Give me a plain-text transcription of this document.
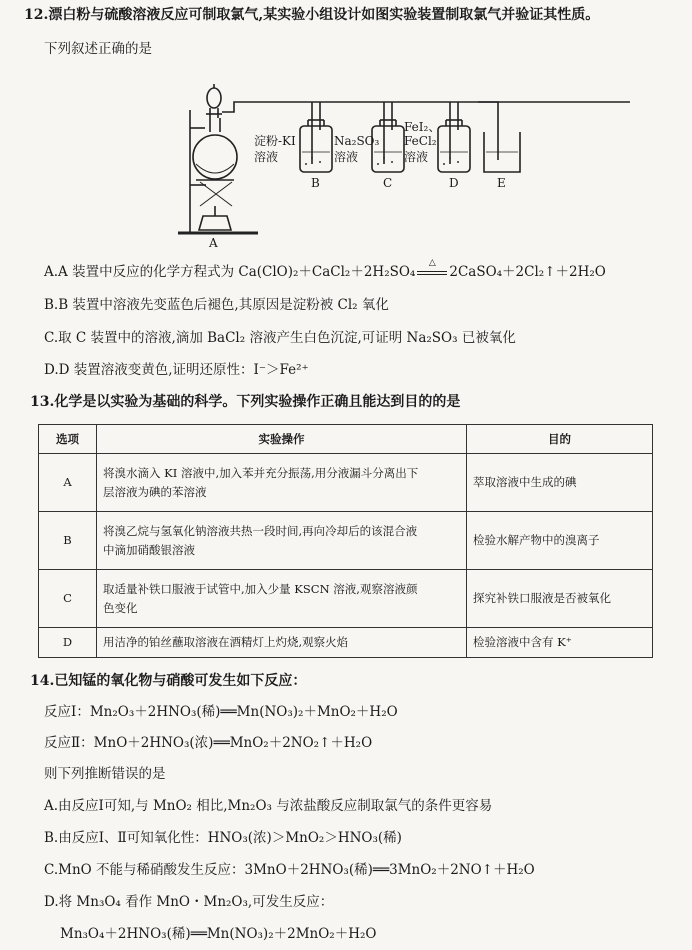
12.漂白粉与硫酸溶液反应可制取氯气,某实验小组设计如图实验装置制取氯气并验证其性质。
下列叙述正确的是
淀粉-KI
溶液
Na₂SO₃
溶液
FeI₂、
FeCl₂
溶液
A
B	C	D	E
A.A 装置中反应的化学方程式为 Ca(ClO)₂＋CaCl₂＋2H₂SO₄
△
2CaSO₄＋2Cl₂↑＋2H₂O
B.B 装置中溶液先变蓝色后褪色,其原因是淀粉被 Cl₂ 氧化
C.取 C 装置中的溶液,滴加 BaCl₂ 溶液产生白色沉淀,可证明 Na₂SO₃ 已被氧化
D.D 装置溶液变黄色,证明还原性：I⁻＞Fe²⁺
13.化学是以实验为基础的科学。下列实验操作正确且能达到目的的是
选项	实验操作	目的
A	将溴水滴入 KI 溶液中,加入苯并充分振荡,用分液漏斗分离出下
层溶液为碘的苯溶液	萃取溶液中生成的碘
B	将溴乙烷与氢氧化钠溶液共热一段时间,再向冷却后的该混合液
中滴加硝酸银溶液	检验水解产物中的溴离子
C	取适量补铁口服液于试管中,加入少量 KSCN 溶液,观察溶液颜
色变化	探究补铁口服液是否被氧化
D	用洁净的铂丝蘸取溶液在酒精灯上灼烧,观察火焰	检验溶液中含有 K⁺
14.已知锰的氧化物与硝酸可发生如下反应：
反应Ⅰ：Mn₂O₃＋2HNO₃(稀)══Mn(NO₃)₂＋MnO₂＋H₂O
反应Ⅱ：MnO＋2HNO₃(浓)══MnO₂＋2NO₂↑＋H₂O
则下列推断错误的是
A.由反应Ⅰ可知,与 MnO₂ 相比,Mn₂O₃ 与浓盐酸反应制取氯气的条件更容易
B.由反应Ⅰ、Ⅱ可知氧化性：HNO₃(浓)＞MnO₂＞HNO₃(稀)
C.MnO 不能与稀硝酸发生反应：3MnO＋2HNO₃(稀)══3MnO₂＋2NO↑＋H₂O
D.将 Mn₃O₄ 看作 MnO・Mn₂O₃,可发生反应：
Mn₃O₄＋2HNO₃(稀)══Mn(NO₃)₂＋2MnO₂＋H₂O
